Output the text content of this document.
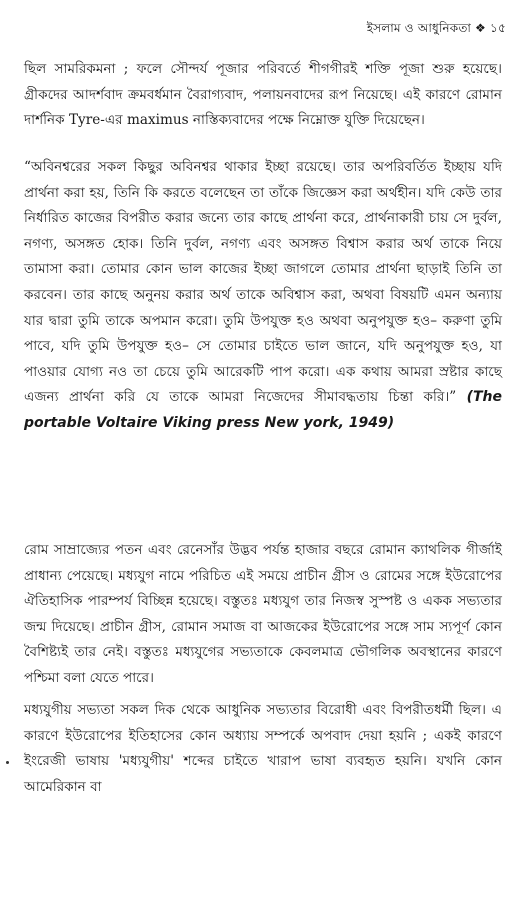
ইসলাম ও আধুনিকতা ❖ ১৫
ছিল সামরিকমনা ; ফলে সৌন্দর্য পূজার পরিবর্তে শীগগীরই শক্তি পূজা শুরু হয়েছে। গ্রীকদের আদর্শবাদ ক্রমবর্ধমান বৈরাগ্যবাদ, পলায়নবাদের রূপ নিয়েছে। এই কারণে রোমান দার্শনিক Tyre-এর maximus নাস্তিক্যবাদের পক্ষে নিম্নোক্ত যুক্তি দিয়েছেন।
“অবিনশ্বরের সকল কিছুর অবিনশ্বর থাকার ইচ্ছা রয়েছে। তার অপরিবর্তিত ইচ্ছায় যদি প্রার্থনা করা হয়, তিনি কি করতে বলেছেন তা তাঁকে জিজ্ঞেস করা অর্থহীন। যদি কেউ তার নির্ধারিত কাজের বিপরীত করার জন্যে তার কাছে প্রার্থনা করে, প্রার্থনাকারী চায় সে দুর্বল, নগণ্য, অসঙ্গত হোক। তিনি দুর্বল, নগণ্য এবং অসঙ্গত বিশ্বাস করার অর্থ তাকে নিয়ে তামাসা করা। তোমার কোন ভাল কাজের ইচ্ছা জাগলে তোমার প্রার্থনা ছাড়াই তিনি তা করবেন। তার কাছে অনুনয় করার অর্থ তাকে অবিশ্বাস করা, অথবা বিষয়টি এমন অন্যায় যার দ্বারা তুমি তাকে অপমান করো। তুমি উপযুক্ত হও অথবা অনুপযুক্ত হও– করুণা তুমি পাবে, যদি তুমি উপযুক্ত হও– সে তোমার চাইতে ভাল জানে, যদি অনুপযুক্ত হও, যা পাওয়ার যোগ্য নও তা চেয়ে তুমি আরেকটি পাপ করো। এক কথায় আমরা স্রষ্টার কাছে এজন্য প্রার্থনা করি যে তাকে আমরা নিজেদের সীমাবদ্ধতায় চিন্তা করি।” (The portable Voltaire Viking press New york, 1949)
রোম সাম্রাজ্যের পতন এবং রেনেসাঁর উদ্ভব পর্যন্ত হাজার বছরে রোমান ক্যাথলিক গীর্জাই প্রাধান্য পেয়েছে। মধ্যযুগ নামে পরিচিত এই সময়ে প্রাচীন গ্রীস ও রোমের সঙ্গে ইউরোপের ঐতিহাসিক পারম্পর্য বিচ্ছিন্ন হয়েছে। বস্তুতঃ মধ্যযুগ তার নিজস্ব সুস্পষ্ট ও একক সভ্যতার জন্ম দিয়েছে। প্রাচীন গ্রীস, রোমান সমাজ বা আজকের ইউরোপের সঙ্গে সাম স্যপূর্ণ কোন বৈশিষ্ট্যই তার নেই। বস্তুতঃ মধ্যযুগের সভ্যতাকে কেবলমাত্র ভৌগলিক অবস্থানের কারণে পশ্চিমা বলা যেতে পারে।
মধ্যযুগীয় সভ্যতা সকল দিক থেকে আধুনিক সভ্যতার বিরোধী এবং বিপরীতধর্মী ছিল। এ কারণে ইউরোপের ইতিহাসের কোন অধ্যায় সম্পর্কে অপবাদ দেয়া হয়নি ; একই কারণে ইংরেজী ভাষায় 'মধ্যযুগীয়' শব্দের চাইতে খারাপ ভাষা ব্যবহৃত হয়নি। যখনি কোন আমেরিকান বা
